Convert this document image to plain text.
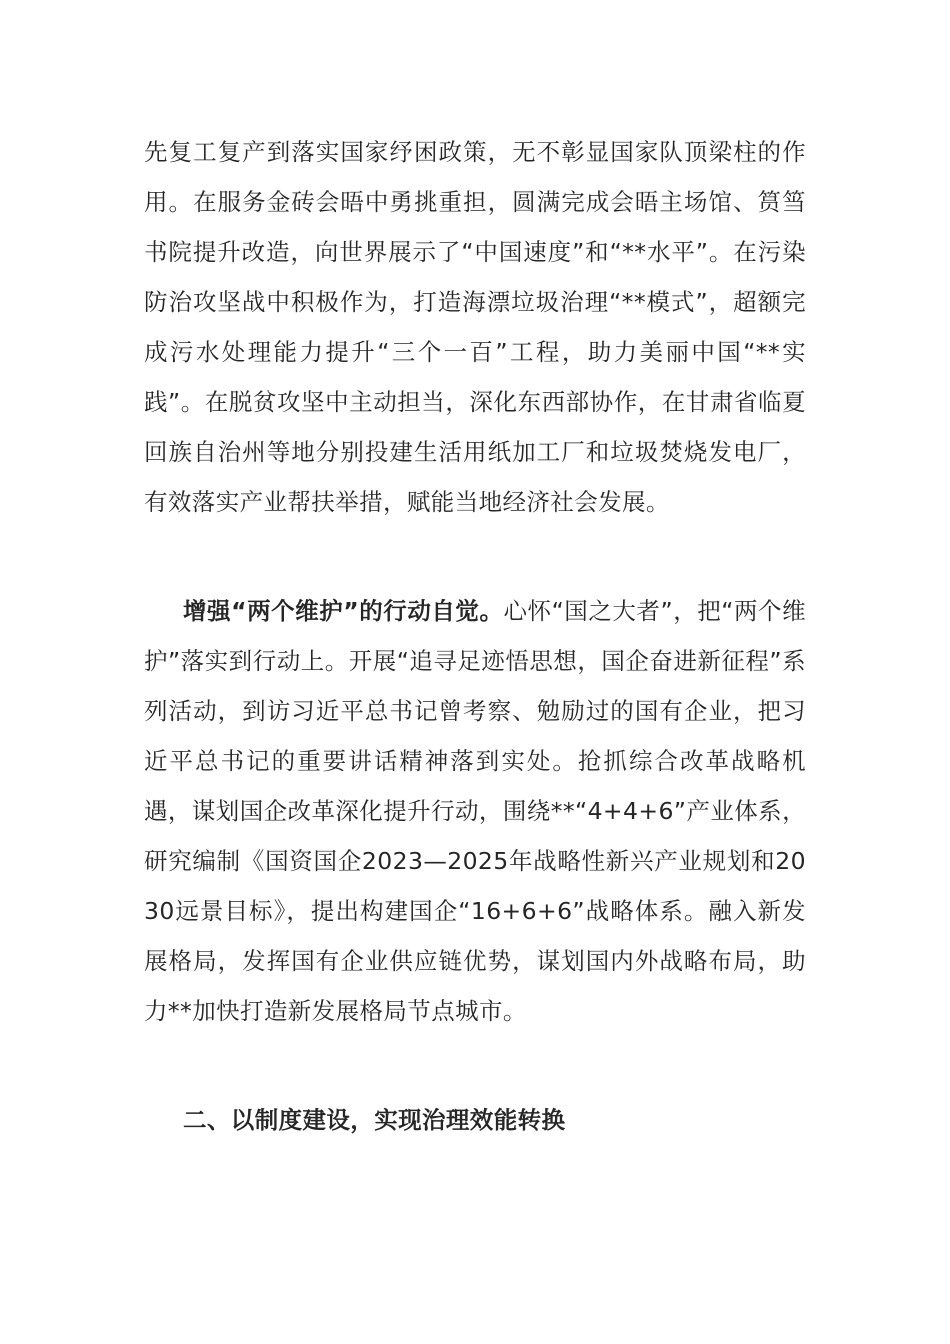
先复工复产到落实国家纾困政策，无不彰显国家队顶梁柱的作用。在服务金砖会晤中勇挑重担，圆满完成会晤主场馆、筼筜书院提升改造，向世界展示了“中国速度”和“**水平”。在污染防治攻坚战中积极作为，打造海漂垃圾治理“**模式”，超额完成污水处理能力提升“三个一百”工程，助力美丽中国“**实践”。在脱贫攻坚中主动担当，深化东西部协作，在甘肃省临夏回族自治州等地分别投建生活用纸加工厂和垃圾焚烧发电厂，有效落实产业帮扶举措，赋能当地经济社会发展。

增强“两个维护”的行动自觉。心怀“国之大者”，把“两个维护”落实到行动上。开展“追寻足迹悟思想，国企奋进新征程”系列活动，到访习近平总书记曾考察、勉励过的国有企业，把习近平总书记的重要讲话精神落到实处。抢抓综合改革战略机遇，谋划国企改革深化提升行动，围绕**“4+4+6”产业体系，研究编制《国资国企2023—2025年战略性新兴产业规划和2030远景目标》，提出构建国企“16+6+6”战略体系。融入新发展格局，发挥国有企业供应链优势，谋划国内外战略布局，助力**加快打造新发展格局节点城市。

二、以制度建设，实现治理效能转换
